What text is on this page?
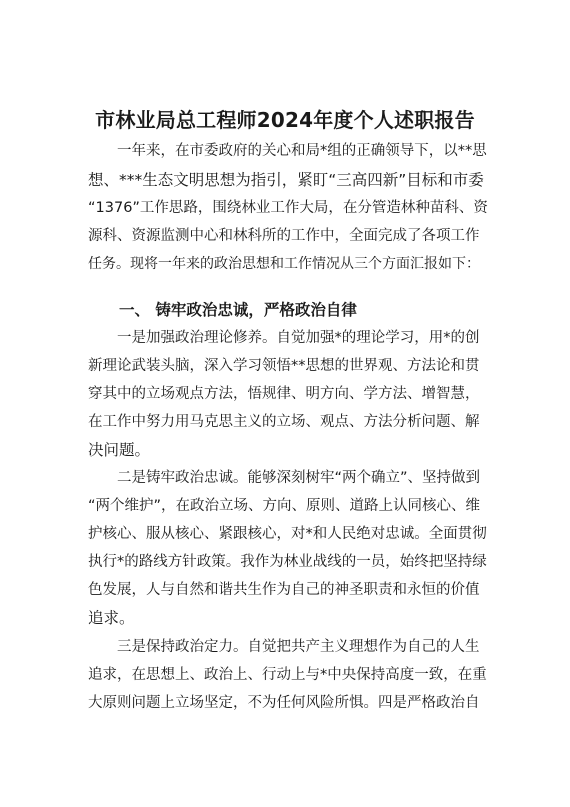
市林业局总工程师2024年度个人述职报告
　　一年来，在市委政府的关心和局*组的正确领导下，以**思
想、***生态文明思想为指引，紧盯“三高四新”目标和市委
“1376”工作思路，围绕林业工作大局，在分管造林种苗科、资
源科、资源监测中心和林科所的工作中，全面完成了各项工作
任务。现将一年来的政治思想和工作情况从三个方面汇报如下：
　　一、 铸牢政治忠诚，严格政治自律
　　一是加强政治理论修养。自觉加强*的理论学习，用*的创
新理论武装头脑，深入学习领悟**思想的世界观、方法论和贯
穿其中的立场观点方法，悟规律、明方向、学方法、增智慧，
在工作中努力用马克思主义的立场、观点、方法分析问题、解
决问题。
　　二是铸牢政治忠诚。能够深刻树牢“两个确立”、坚持做到
“两个维护”，在政治立场、方向、原则、道路上认同核心、维
护核心、服从核心、紧跟核心，对*和人民绝对忠诚。全面贯彻
执行*的路线方针政策。我作为林业战线的一员，始终把坚持绿
色发展，人与自然和谐共生作为自己的神圣职责和永恒的价值
追求。
　　三是保持政治定力。自觉把共产主义理想作为自己的人生
追求，在思想上、政治上、行动上与*中央保持高度一致，在重
大原则问题上立场坚定，不为任何风险所惧。四是严格政治自
